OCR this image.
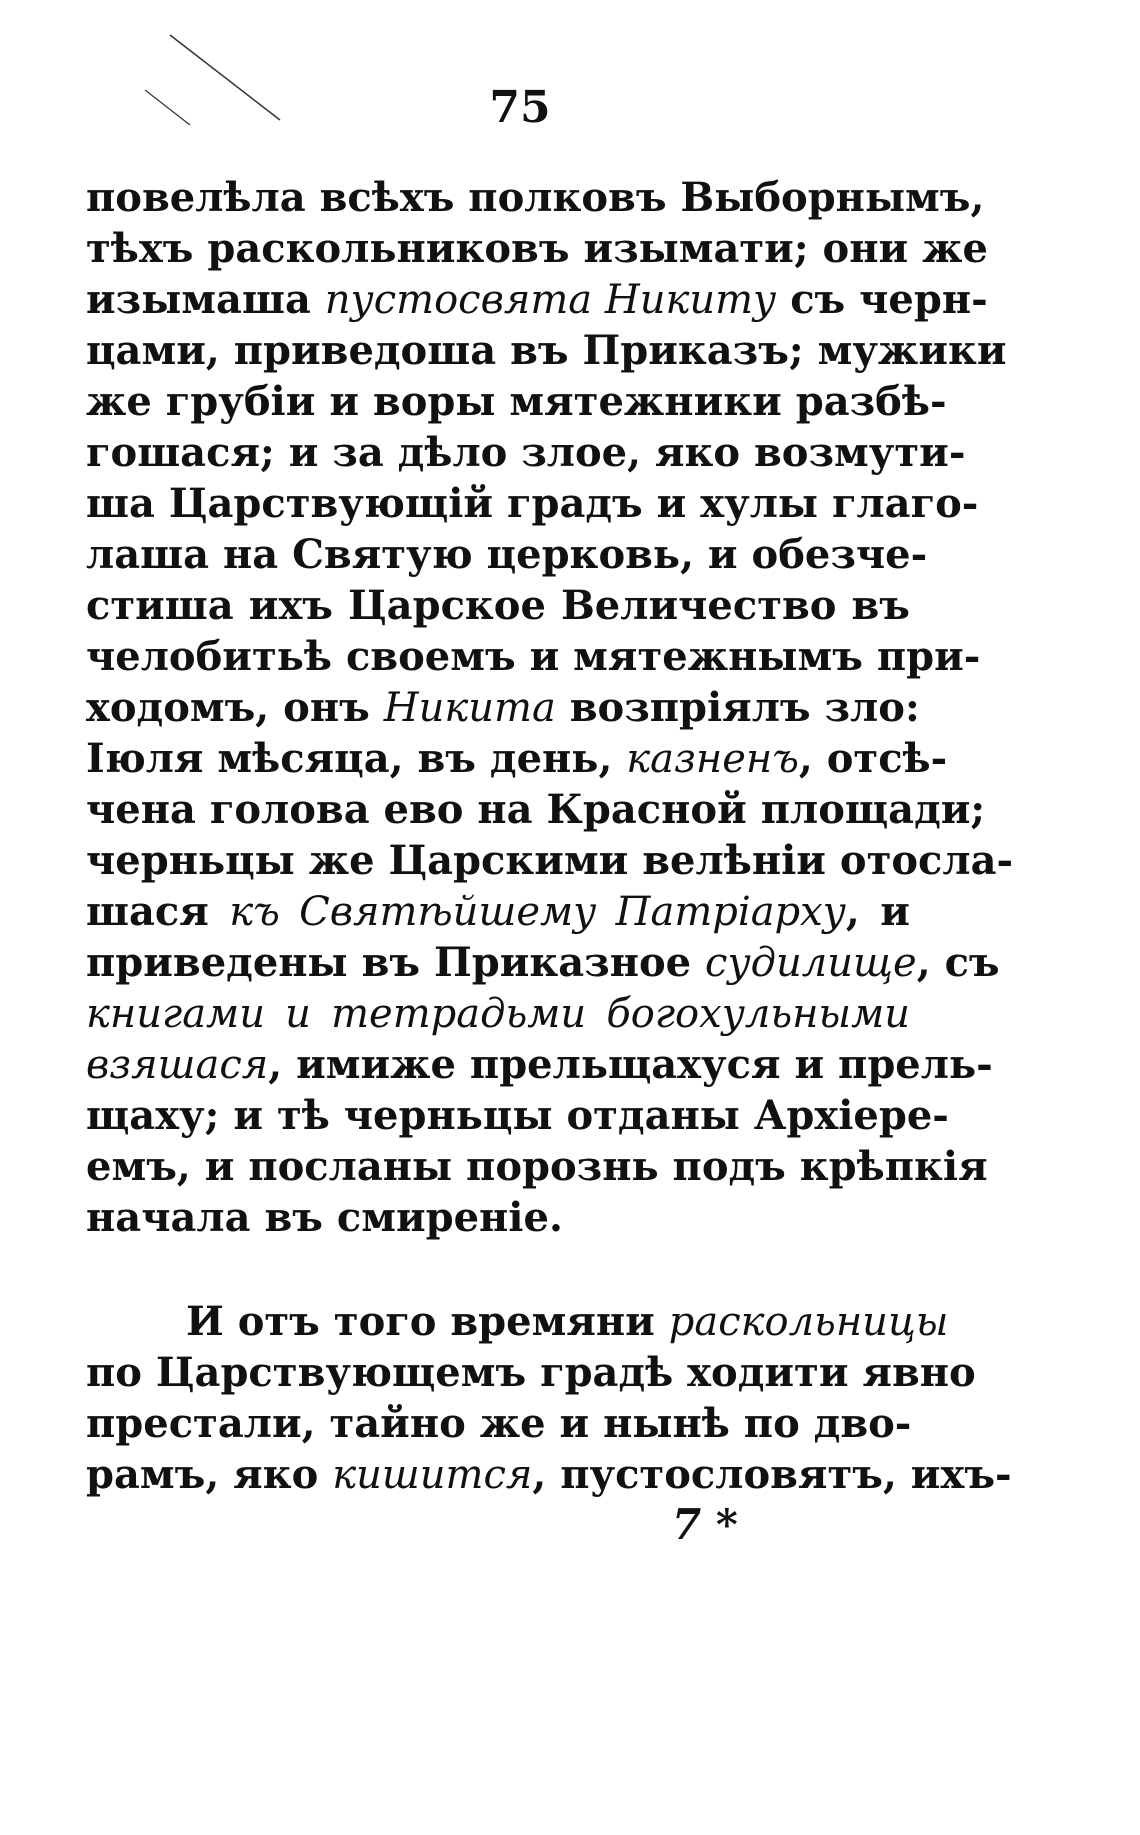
75
повелѣла всѣхъ полковъ Выборнымъ,
тѣхъ раскольниковъ изымати; они же
изымаша пустосвята Никиту съ черн-
цами, приведоша въ Приказъ; мужики
же грубіи и воры мятежники разбѣ-
гошася; и за дѣло злое, яко возмути-
ша Царствующій градъ и хулы глаго-
лаша на Святую церковь, и обезче-
стиша ихъ Царское Величество въ
челобитьѣ своемъ и мятежнымъ при-
ходомъ, онъ Никита возпріялъ зло:
Іюля мѣсяца, въ день, казненъ, отсѣ-
чена голова ево на Красной площади;
черньцы же Царскими велѣніи отосла-
шася къ Святѣйшему Патріарху, и
приведены въ Приказное судилище, съ
книгами и тетрадьми богохульными
взяшася, имиже прельщахуся и прель-
щаху; и тѣ черньцы отданы Архіере-
емъ, и посланы порознь подъ крѣпкія
начала въ смиреніе.
И отъ того времяни раскольницы
по Царствующемъ градѣ ходити явно
престали, тайно же и нынѣ по дво-
рамъ, яко кишится, пустословятъ, ихъ-
7 *
